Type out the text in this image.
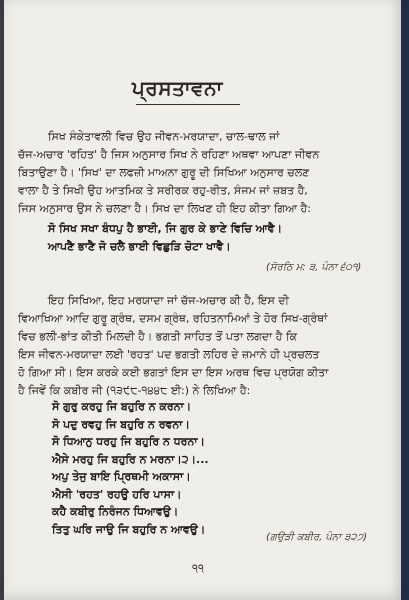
ਪ੍ਰਸਤਾਵਨਾ

ਸਿਖ ਸੰਕੇਤਾਵਲੀ ਵਿਚ ਉਹ ਜੀਵਨ-ਮਰਯਾਦਾ, ਚਾਲ-ਢਾਲ ਜਾਂ
ਚੱਜ-ਅਚਾਰ 'ਰਹਿਤ' ਹੈ ਜਿਸ ਅਨੁਸਾਰ ਸਿਖ ਨੇ ਰਹਿਣਾ ਅਥਵਾ ਆਪਣਾ ਜੀਵਨ
ਬਿਤਾਉਣਾ ਹੈ। 'ਸਿਖ' ਦਾ ਲਫਜ਼ੀ ਮਾਅਨਾ ਗੁਰੂ ਦੀ ਸਿਖਿਆ ਅਨੁਸਾਰ ਚਲਣ
ਵਾਲਾ ਹੈ ਤੇ ਸਿਖੀ ਉਹ ਆਤਮਿਕ ਤੇ ਸਰੀਰਕ ਰਹੁ-ਰੀਤ, ਸੰਜਮ ਜਾਂ ਜ਼ਬਤ ਹੈ,
ਜਿਸ ਅਨੁਸਾਰ ਉਸ ਨੇ ਚਲਣਾ ਹੈ। ਸਿਖ ਦਾ ਲਿਖਣ ਹੀ ਇਹ ਕੀਤਾ ਗਿਆ ਹੈ:

ਸੋ ਸਿਖ ਸਖਾ ਬੰਧਪੁ ਹੈ ਭਾਈ, ਜਿ ਗੁਰ ਕੇ ਭਾਣੇ ਵਿਚਿ ਆਵੈ।
ਆਪਣੈ ਭਾਣੈ ਜੋ ਚਲੈ ਭਾਈ ਵਿਛੁੜਿ ਚੋਟਾ ਖਾਵੈ।
(ਸੋਰਠਿ ਮ: ੩, ਪੰਨਾ ੬੦੧)

ਇਹ ਸਿਖਿਆ, ਇਹ ਮਰਯਾਦਾ ਜਾਂ ਚੱਜ-ਅਚਾਰ ਕੀ ਹੈ, ਇਸ ਦੀ
ਵਿਆਖਿਆ ਆਦਿ ਗੁਰੂ ਗ੍ਰੰਥ, ਦਸਮ ਗ੍ਰੰਥ, ਰਹਿਤਨਾਮਿਆਂ ਤੇ ਹੋਰ ਸਿਖ-ਗ੍ਰੰਥਾਂ
ਵਿਚ ਭਲੀ-ਭਾਂਤ ਕੀਤੀ ਮਿਲਦੀ ਹੈ। ਭਗਤੀ ਸਾਹਿਤ ਤੋਂ ਪਤਾ ਲਗਦਾ ਹੈ ਕਿ
ਇਸ ਜੀਵਨ-ਮਰਯਾਦਾ ਲਈ 'ਰਹਤ' ਪਦ ਭਗਤੀ ਲਹਿਰ ਦੇ ਜ਼ਮਾਨੇ ਹੀ ਪ੍ਰਚਲਤ
ਹੋ ਗਿਆ ਸੀ। ਇਸ ਕਰਕੇ ਕਈ ਭਗਤਾਂ ਇਸ ਦਾ ਇਸ ਅਰਥ ਵਿਚ ਪ੍ਰਯੋਗ ਕੀਤਾ
ਹੈ ਜਿਵੇਂ ਕਿ ਕਬੀਰ ਜੀ (੧੩੯੮-੧੪੪੮ ਈ:) ਨੇ ਲਿਖਿਆ ਹੈ:

ਸੋ ਗੁਰੁ ਕਰਹੁ ਜਿ ਬਹੁਰਿ ਨ ਕਰਨਾ।
ਸੋ ਪਦੁ ਰਵਹੁ ਜਿ ਬਹੁਰਿ ਨ ਰਵਨਾ।
ਸੋ ਧਿਆਨੁ ਧਰਹੁ ਜਿ ਬਹੁਰਿ ਨ ਧਰਨਾ।
ਐਸੇ ਮਰਹੁ ਜਿ ਬਹੁਰਿ ਨ ਮਰਨਾ।੨।...
ਅਪੁ ਤੇਜੁ ਬਾਇ ਪ੍ਰਿਥਮੀ ਅਕਾਸਾ।
ਐਸੀ 'ਰਹਤ' ਰਹਉ ਹਰਿ ਪਾਸਾ।
ਕਹੈ ਕਬੀਰੁ ਨਿਰੰਜਨ ਧਿਆਵਉ।
ਤਿਤੁ ਘਰਿ ਜਾਉ ਜਿ ਬਹੁਰਿ ਨ ਆਵਉ।
(ਗਉੜੀ ਕਬੀਰ, ਪੰਨਾ ੩੨੭)
੧੧
